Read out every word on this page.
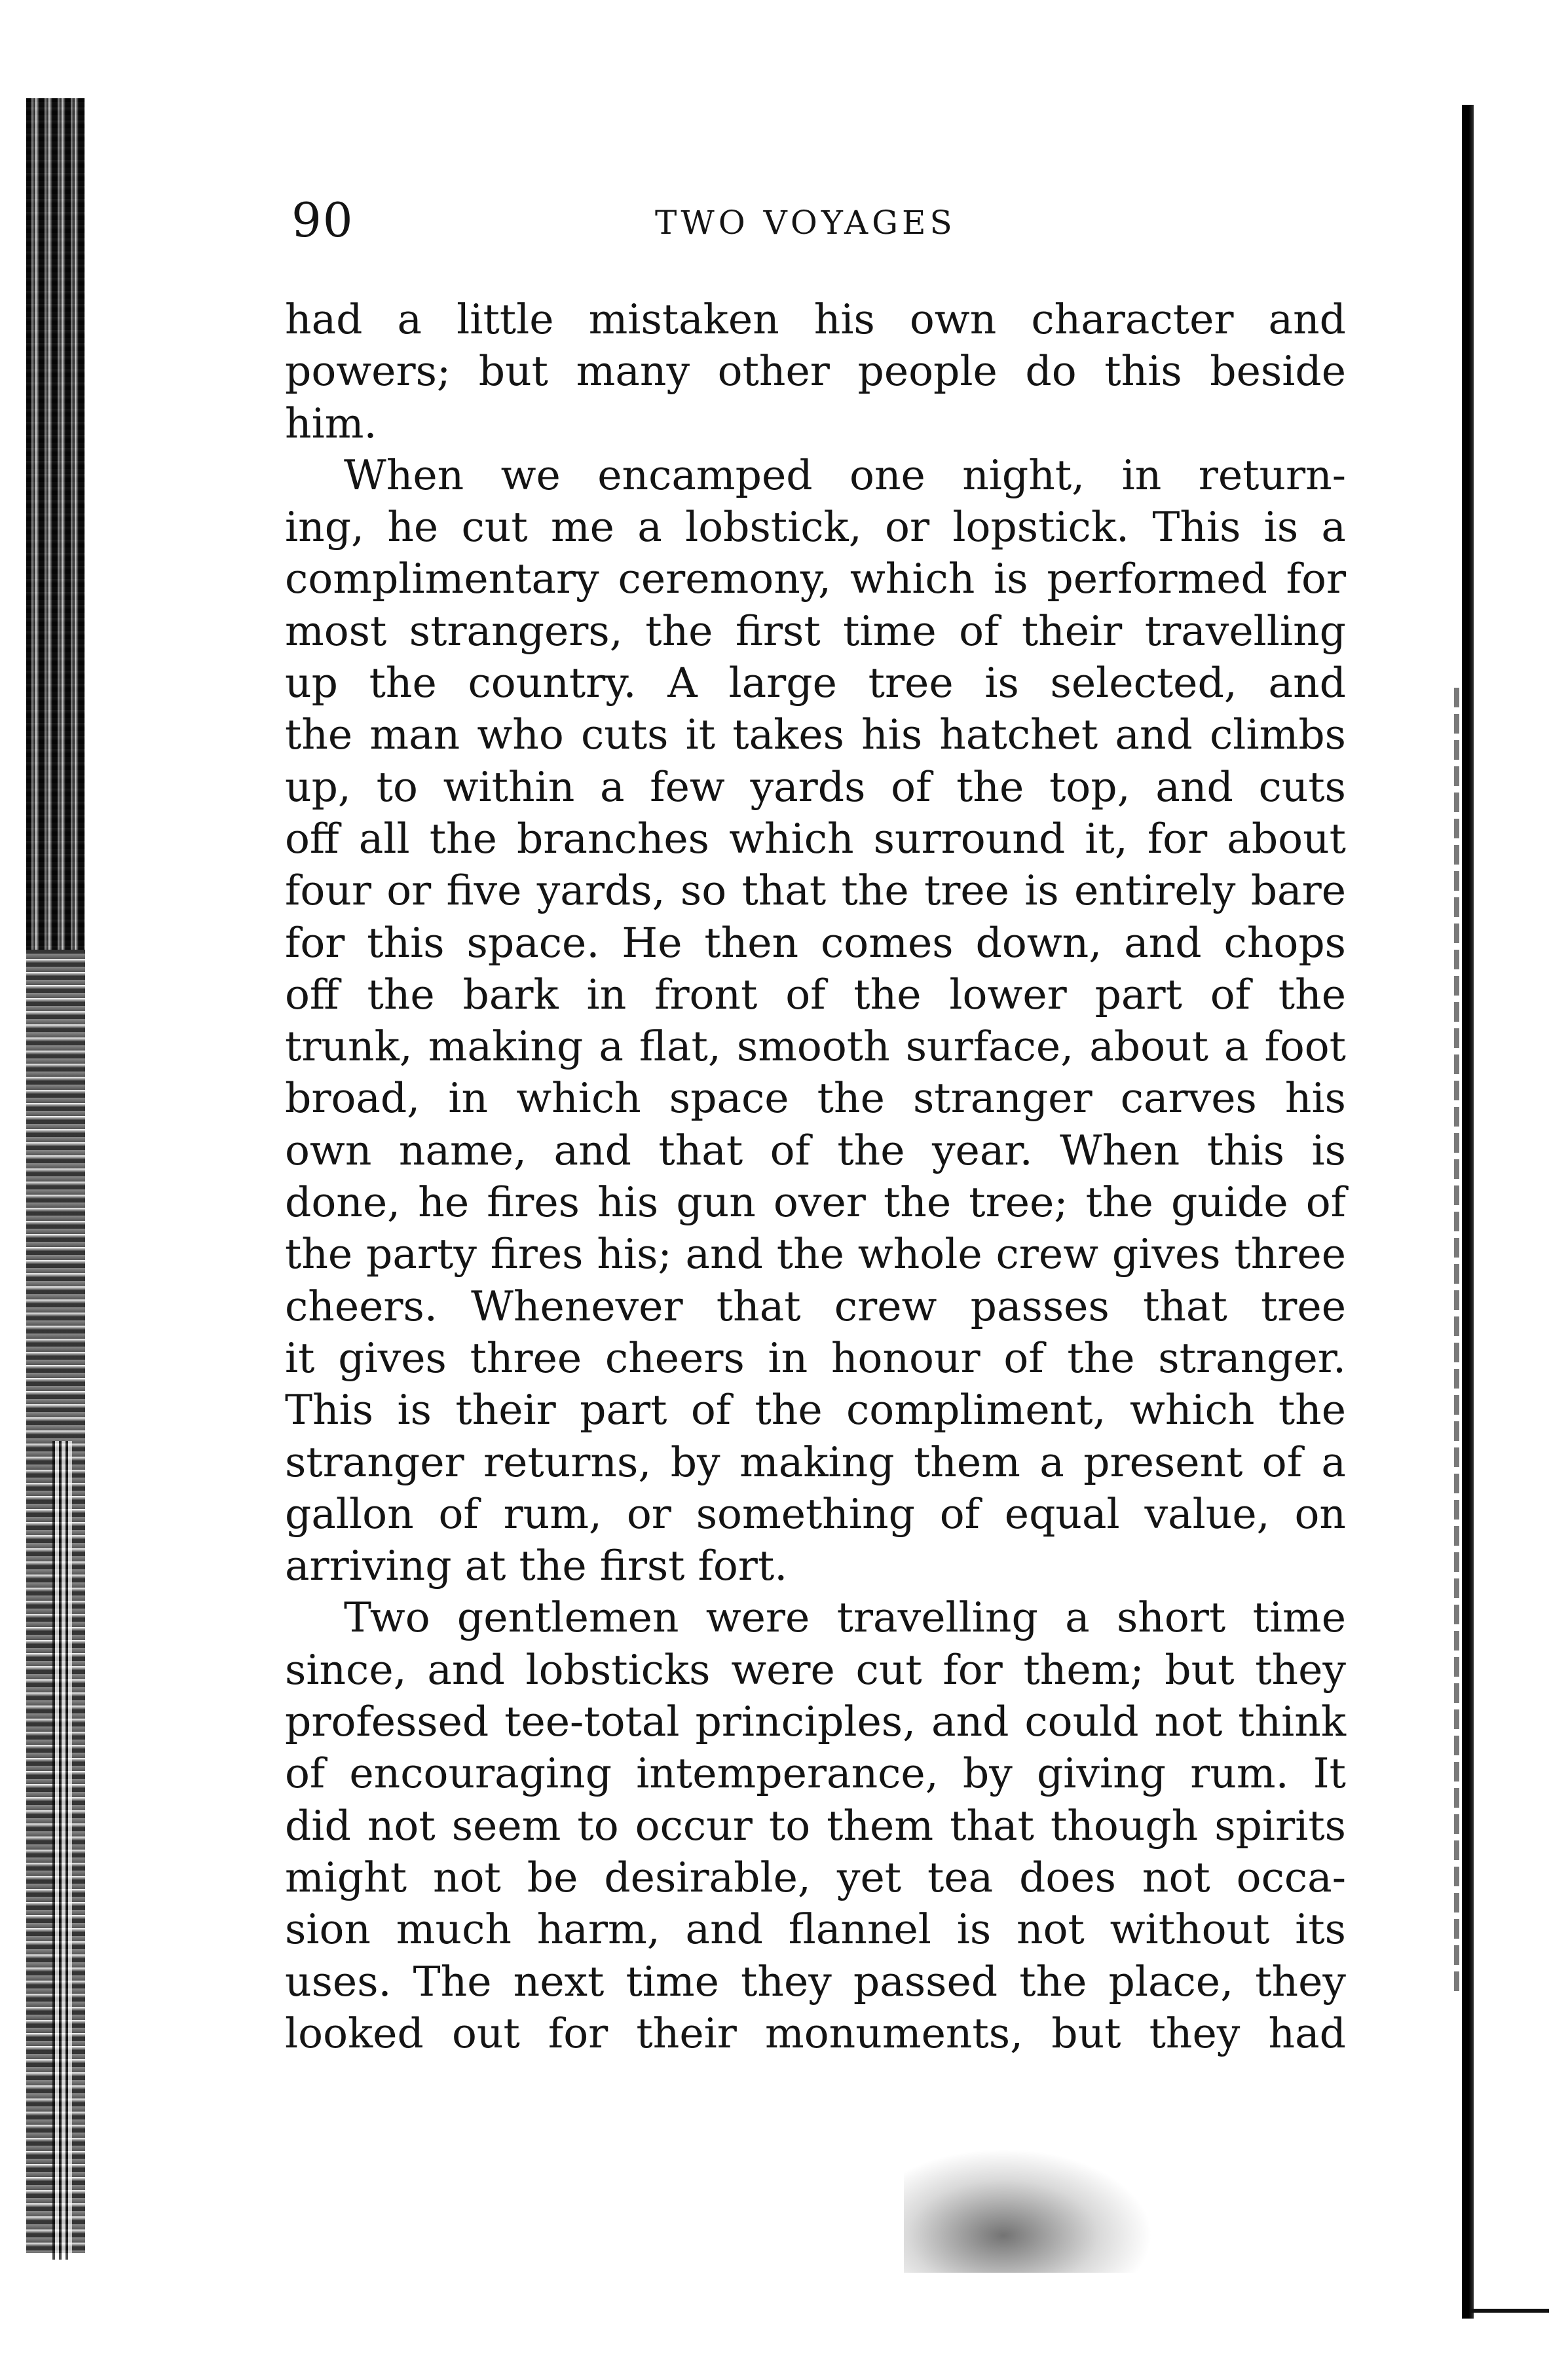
90	TWO VOYAGES
had a little mistaken his own character and
powers; but many other people do this beside
him.
When we encamped one night, in return-
ing, he cut me a lobstick, or lopstick. This is a
complimentary ceremony, which is performed for
most strangers, the first time of their travelling
up the country. A large tree is selected, and
the man who cuts it takes his hatchet and climbs
up, to within a few yards of the top, and cuts
off all the branches which surround it, for about
four or five yards, so that the tree is entirely bare
for this space. He then comes down, and chops
off the bark in front of the lower part of the
trunk, making a flat, smooth surface, about a foot
broad, in which space the stranger carves his
own name, and that of the year. When this is
done, he fires his gun over the tree; the guide of
the party fires his; and the whole crew gives three
cheers. Whenever that crew passes that tree
it gives three cheers in honour of the stranger.
This is their part of the compliment, which the
stranger returns, by making them a present of a
gallon of rum, or something of equal value, on
arriving at the first fort.
Two gentlemen were travelling a short time
since, and lobsticks were cut for them; but they
professed tee-total principles, and could not think
of encouraging intemperance, by giving rum. It
did not seem to occur to them that though spirits
might not be desirable, yet tea does not occa-
sion much harm, and flannel is not without its
uses. The next time they passed the place, they
looked out for their monuments, but they had
